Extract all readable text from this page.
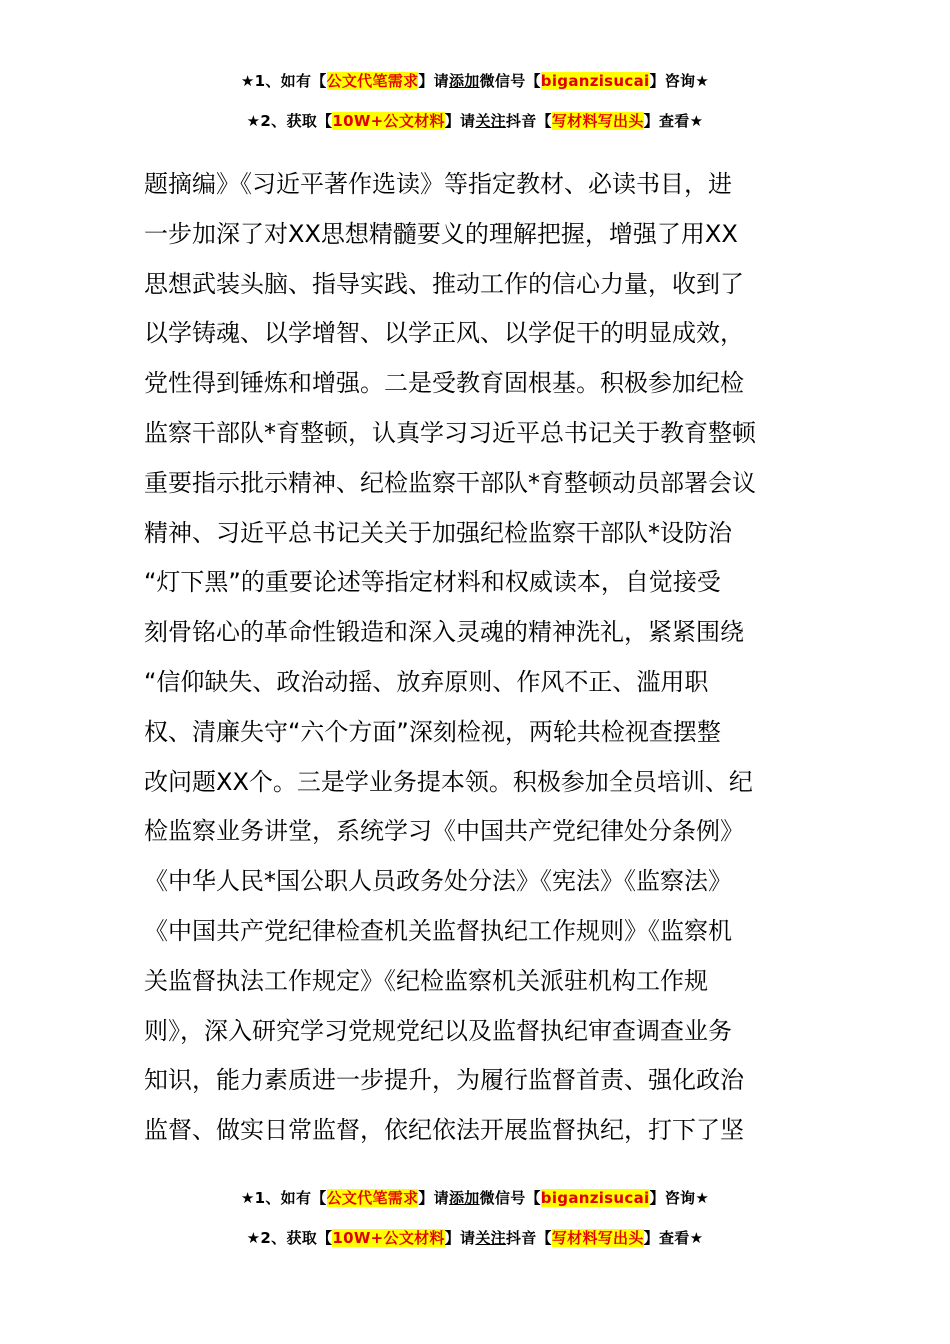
★1、如有【公文代笔需求】请添加微信号【biganzisucai】咨询★
★2、获取【10W+公文材料】请关注抖音【写材料写出头】查看★
题摘编》《习近平著作选读》等指定教材、必读书目，进
一步加深了对XX思想精髓要义的理解把握，增强了用XX
思想武装头脑、指导实践、推动工作的信心力量，收到了
以学铸魂、以学增智、以学正风、以学促干的明显成效，
党性得到锤炼和增强。二是受教育固根基。积极参加纪检
监察干部队*育整顿，认真学习习近平总书记关于教育整顿
重要指示批示精神、纪检监察干部队*育整顿动员部署会议
精神、习近平总书记关关于加强纪检监察干部队*设防治
“灯下黑”的重要论述等指定材料和权威读本，自觉接受
刻骨铭心的革命性锻造和深入灵魂的精神洗礼，紧紧围绕
“信仰缺失、政治动摇、放弃原则、作风不正、滥用职
权、清廉失守“六个方面”深刻检视，两轮共检视查摆整
改问题XX个。三是学业务提本领。积极参加全员培训、纪
检监察业务讲堂，系统学习《中国共产党纪律处分条例》
《中华人民*国公职人员政务处分法》《宪法》《监察法》
《中国共产党纪律检查机关监督执纪工作规则》《监察机
关监督执法工作规定》《纪检监察机关派驻机构工作规
则》，深入研究学习党规党纪以及监督执纪审查调查业务
知识，能力素质进一步提升，为履行监督首责、强化政治
监督、做实日常监督，依纪依法开展监督执纪，打下了坚
★1、如有【公文代笔需求】请添加微信号【biganzisucai】咨询★
★2、获取【10W+公文材料】请关注抖音【写材料写出头】查看★
